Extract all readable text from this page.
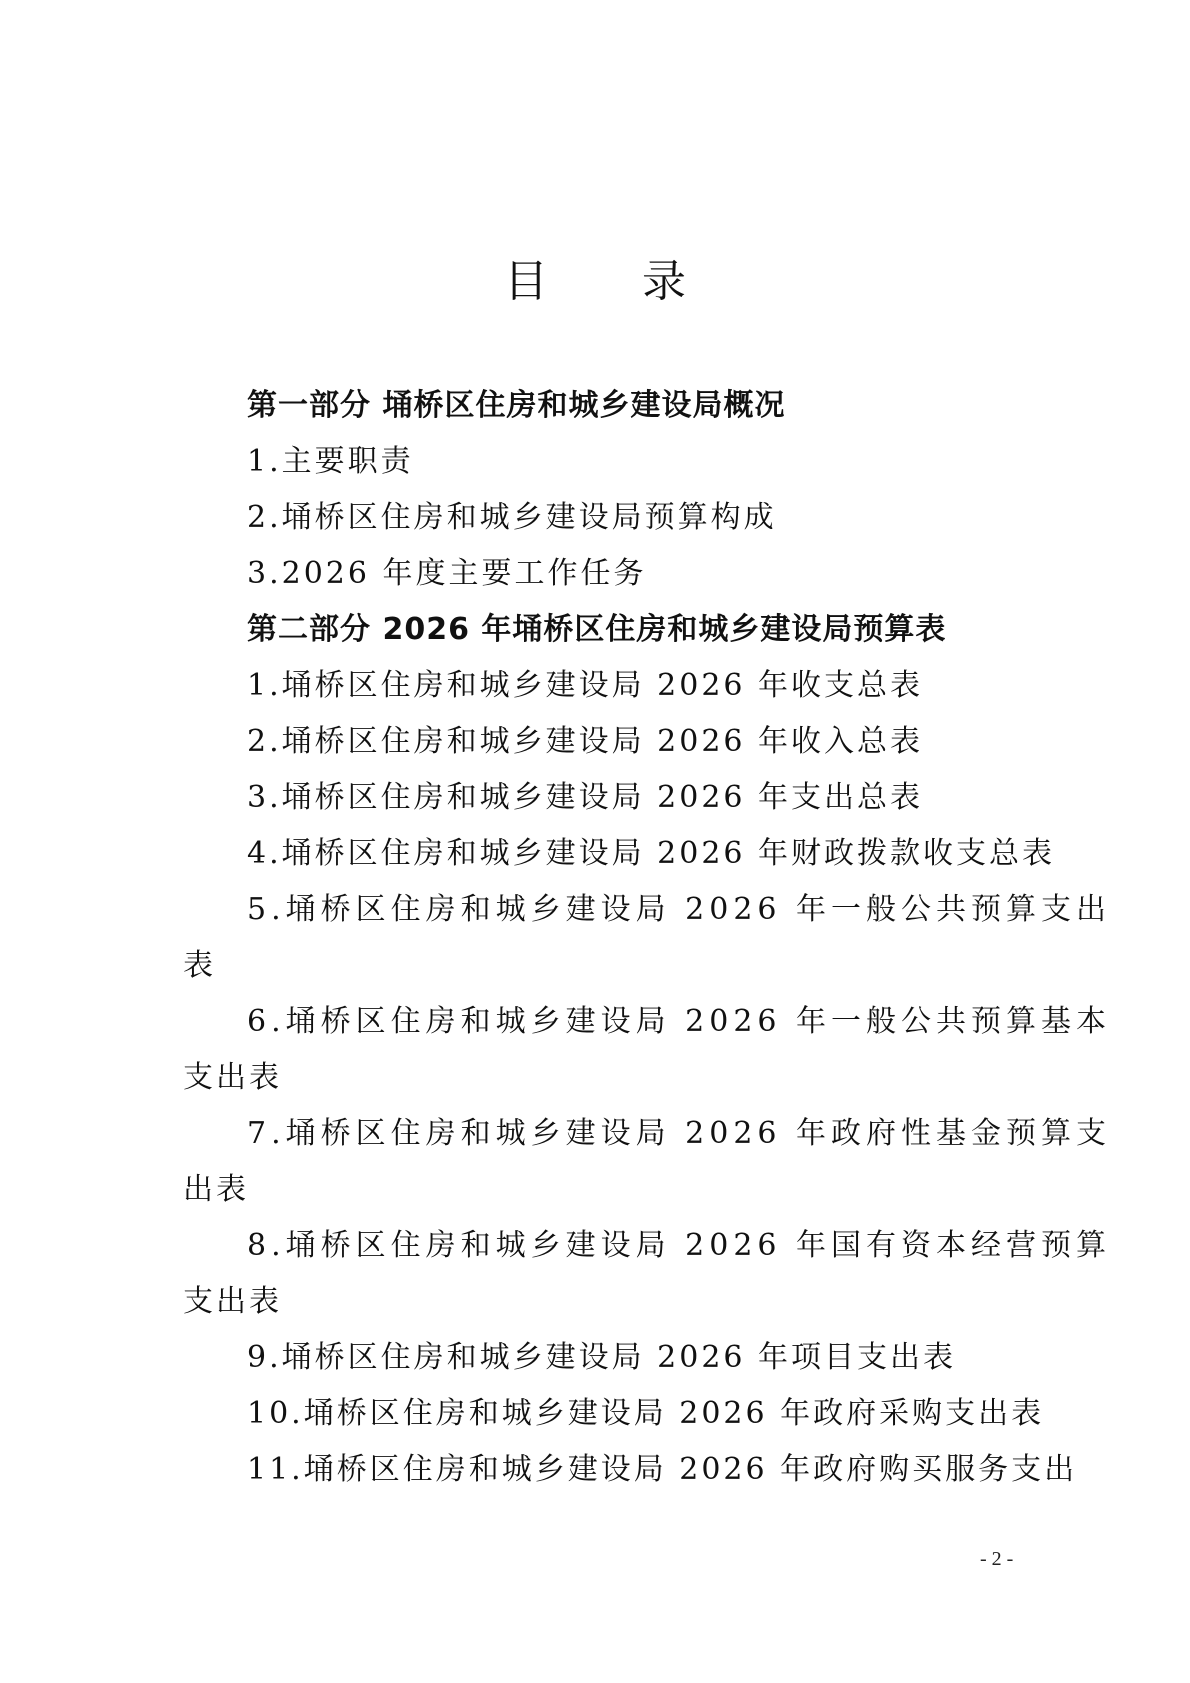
目 录
第一部分 埇桥区住房和城乡建设局概况
1.主要职责
2.埇桥区住房和城乡建设局预算构成
3.2026 年度主要工作任务
第二部分 2026 年埇桥区住房和城乡建设局预算表
1.埇桥区住房和城乡建设局 2026 年收支总表
2.埇桥区住房和城乡建设局 2026 年收入总表
3.埇桥区住房和城乡建设局 2026 年支出总表
4.埇桥区住房和城乡建设局 2026 年财政拨款收支总表
5.埇桥区住房和城乡建设局 2026 年一般公共预算支出
表
6.埇桥区住房和城乡建设局 2026 年一般公共预算基本
支出表
7.埇桥区住房和城乡建设局 2026 年政府性基金预算支
出表
8.埇桥区住房和城乡建设局 2026 年国有资本经营预算
支出表
9.埇桥区住房和城乡建设局 2026 年项目支出表
10.埇桥区住房和城乡建设局 2026 年政府采购支出表
11.埇桥区住房和城乡建设局 2026 年政府购买服务支出
- 2 -
